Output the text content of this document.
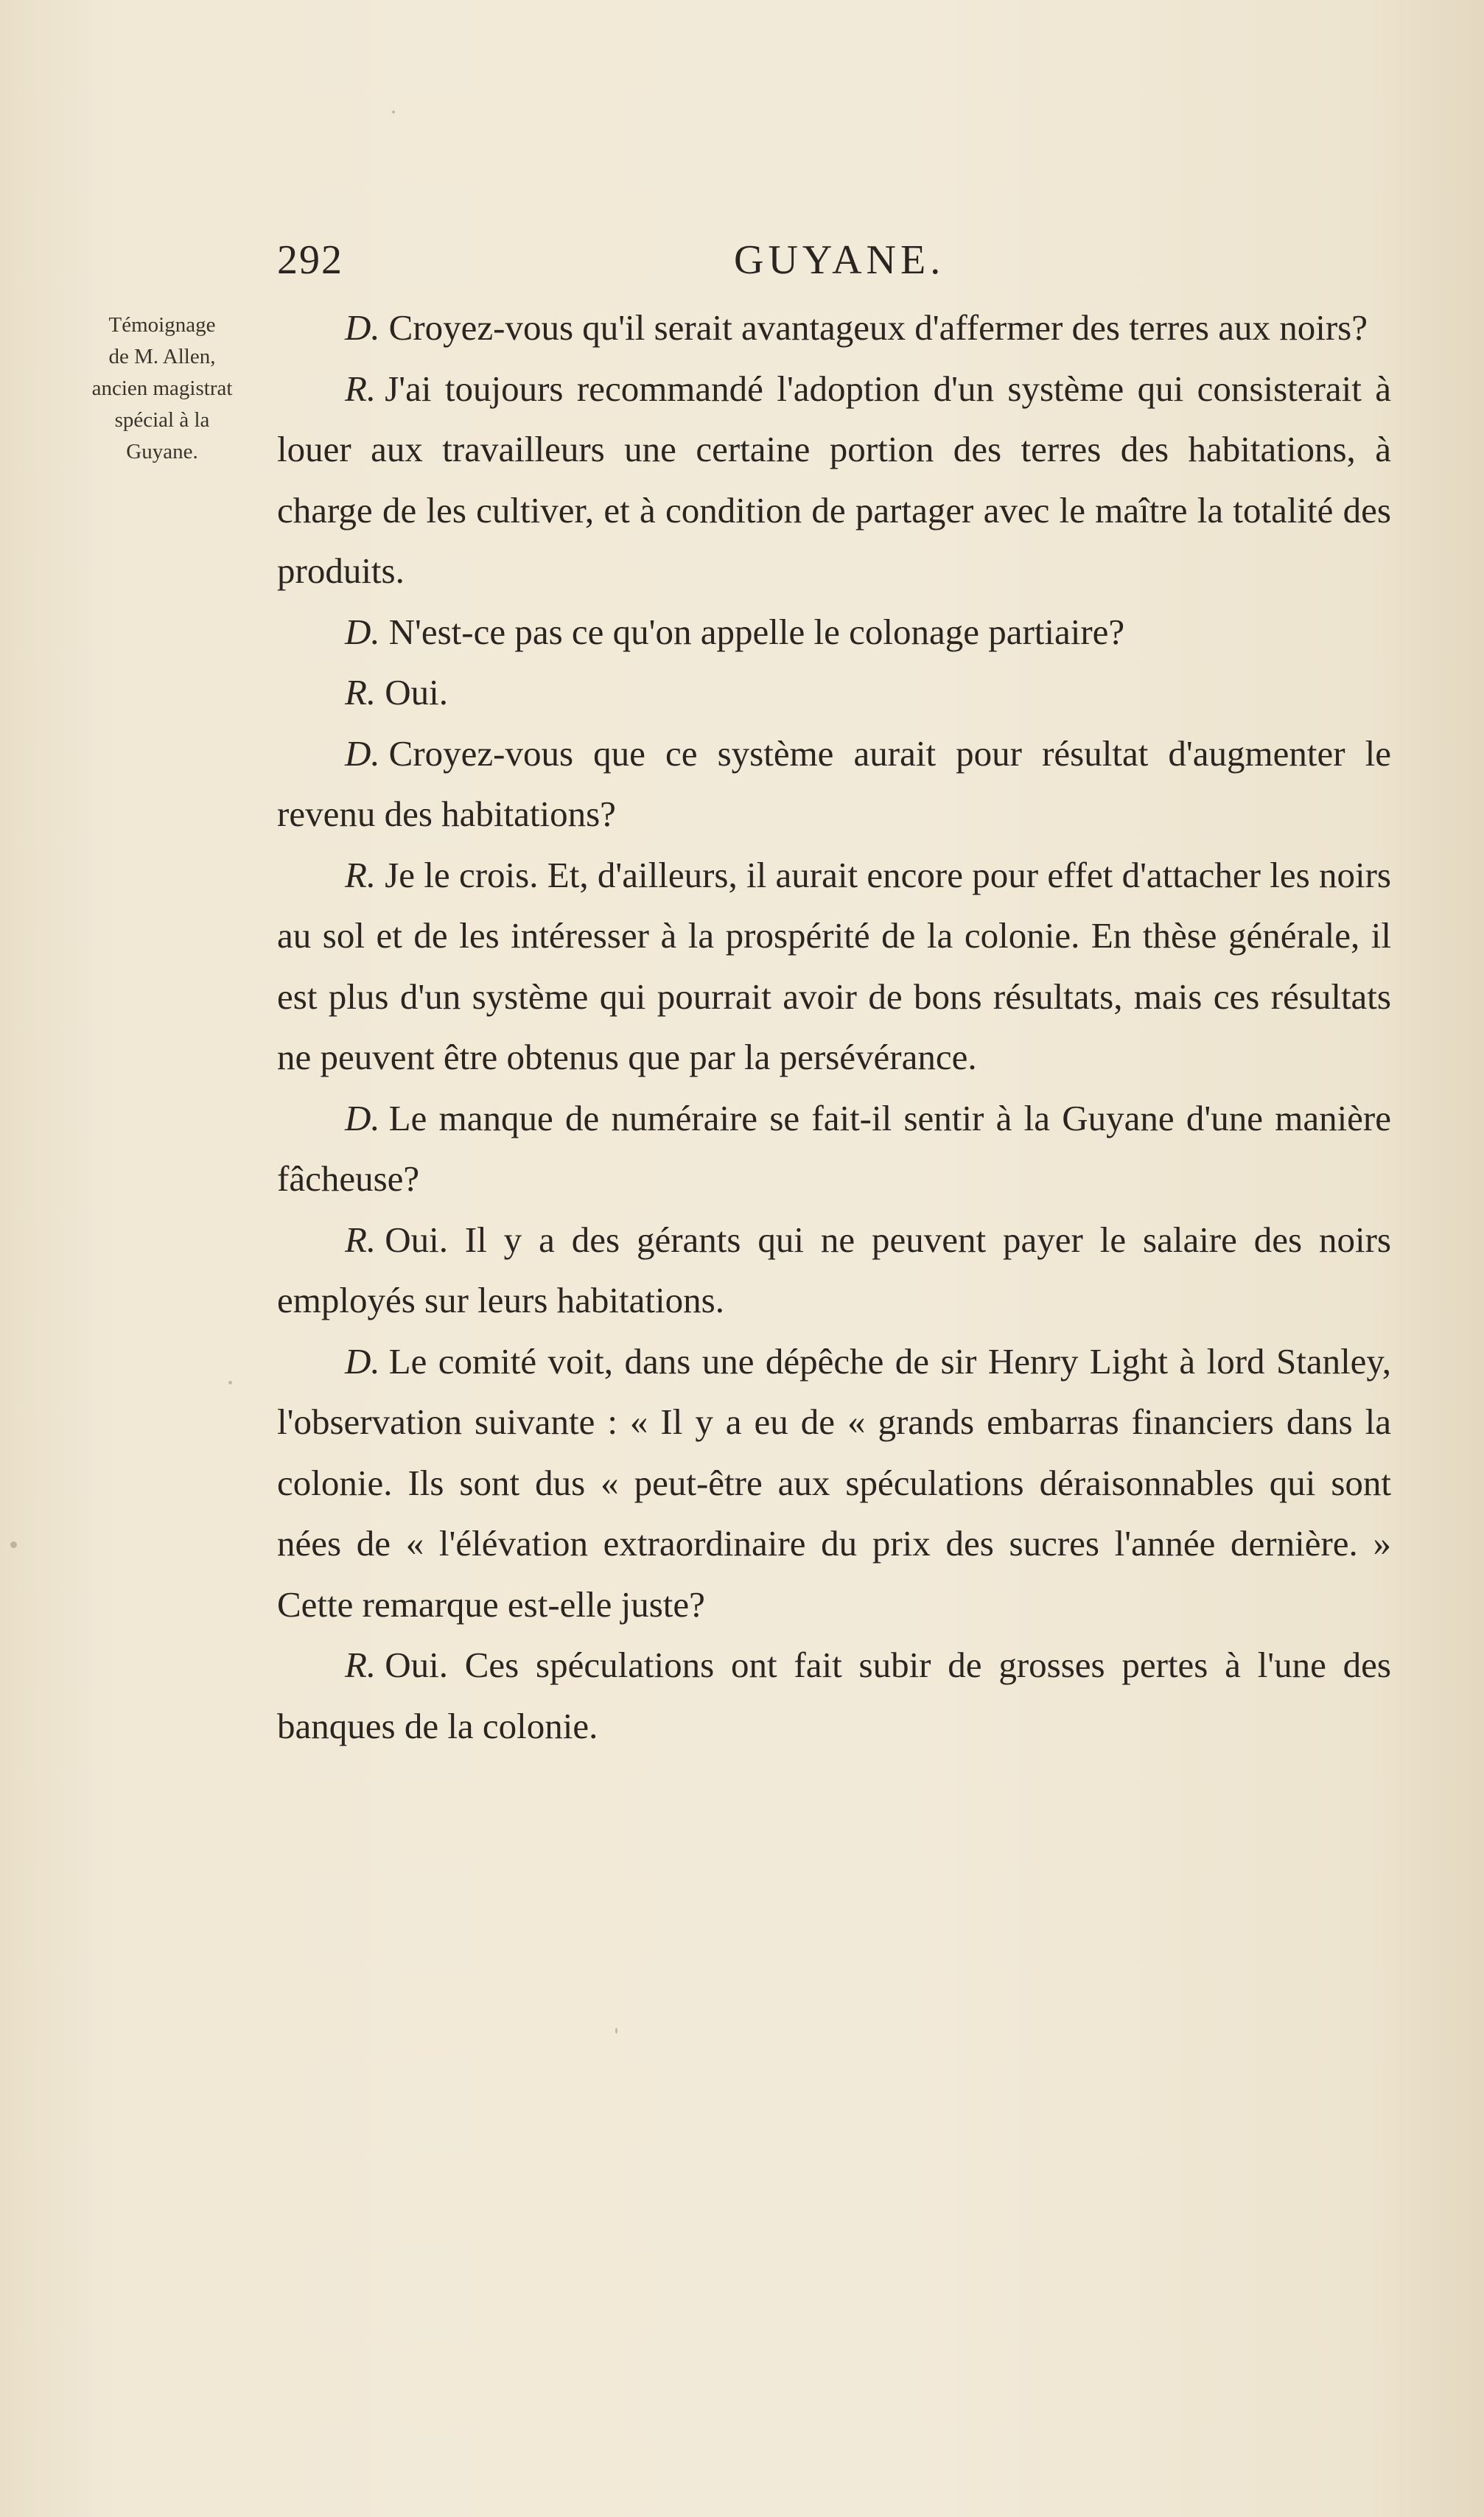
292	GUYANE.
Témoignage
de M. Allen,
ancien magistrat
spécial à la
Guyane.

D. Croyez-vous qu'il serait avantageux d'affermer des terres aux noirs?

R. J'ai toujours recommandé l'adoption d'un système qui consisterait à louer aux travailleurs une certaine portion des terres des habitations, à charge de les cultiver, et à condition de partager avec le maître la totalité des produits.

D. N'est-ce pas ce qu'on appelle le colonage partiaire?

R. Oui.

D. Croyez-vous que ce système aurait pour résultat d'augmenter le revenu des habitations?

R. Je le crois. Et, d'ailleurs, il aurait encore pour effet d'attacher les noirs au sol et de les intéresser à la prospérité de la colonie. En thèse générale, il est plus d'un système qui pourrait avoir de bons résultats, mais ces résultats ne peuvent être obtenus que par la persévérance.

D. Le manque de numéraire se fait-il sentir à la Guyane d'une manière fâcheuse?

R. Oui. Il y a des gérants qui ne peuvent payer le salaire des noirs employés sur leurs habitations.

D. Le comité voit, dans une dépêche de sir Henry Light à lord Stanley, l'observation suivante : « Il y a eu de « grands embarras financiers dans la colonie. Ils sont dus « peut-être aux spéculations déraisonnables qui sont nées de « l'élévation extraordinaire du prix des sucres l'année dernière. » Cette remarque est-elle juste?

R. Oui. Ces spéculations ont fait subir de grosses pertes à l'une des banques de la colonie.
